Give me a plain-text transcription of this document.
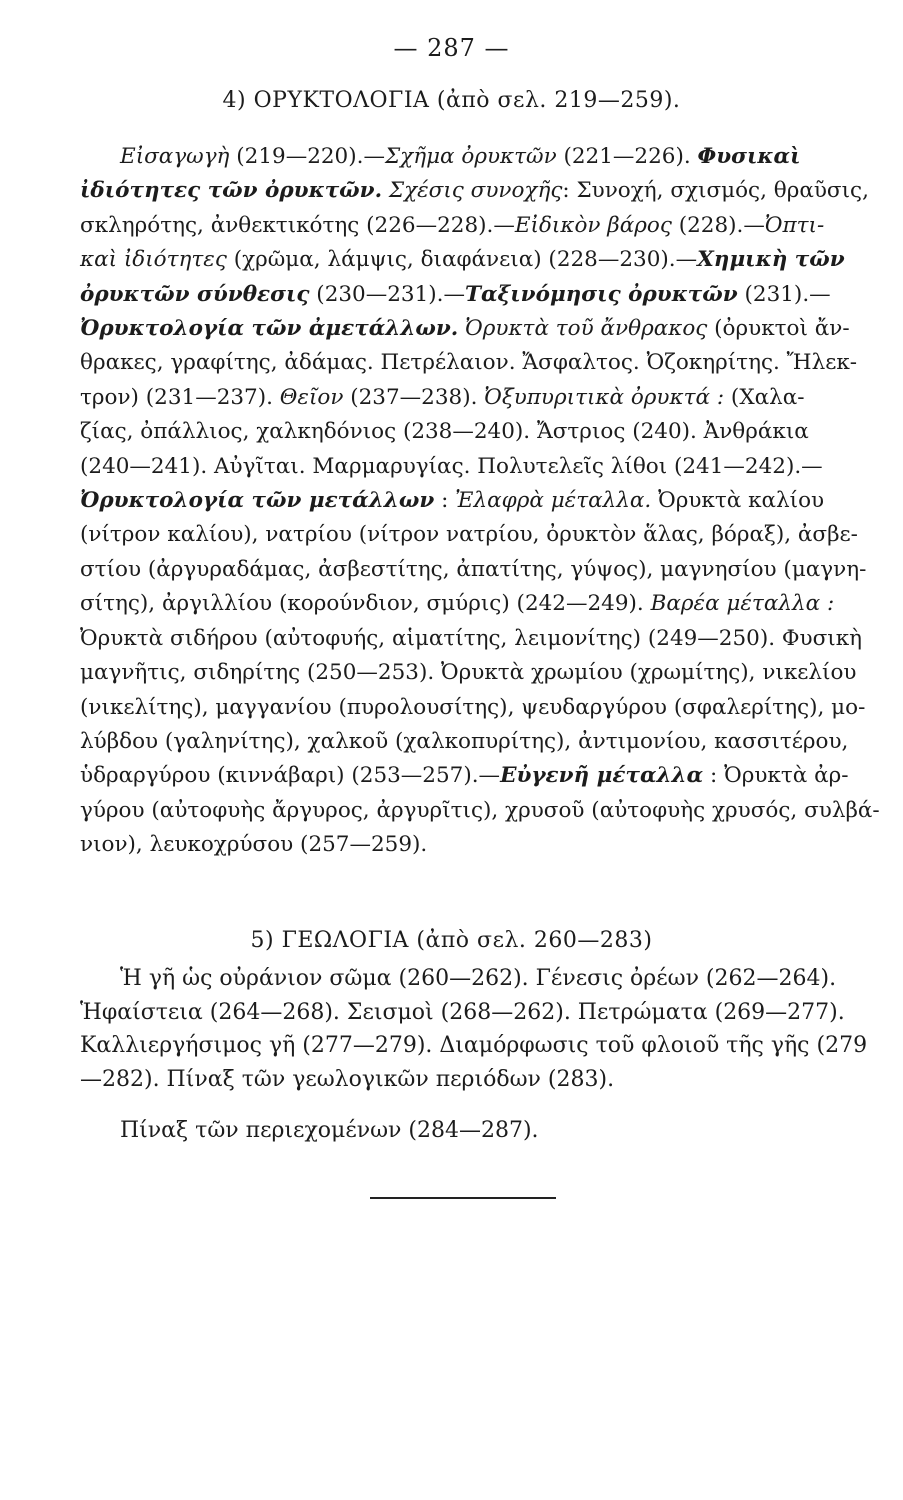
— 287 —
4) ΟΡΥΚΤΟΛΟΓΙΑ (ἀπὸ σελ. 219—259).
Εἰσαγωγὴ (219—220).—Σχῆμα ὀρυκτῶν (221—226). Φυσικαὶ
ἰδιότητες τῶν ὀρυκτῶν. Σχέσις συνοχῆς: Συνοχή, σχισμός, θραῦσις,
σκληρότης, ἀνθεκτικότης (226—228).—Εἰδικὸν βάρος (228).—Ὀπτι-
καὶ ἰδιότητες (χρῶμα, λάμψις, διαφάνεια) (228—230).—Χημικὴ τῶν
ὀρυκτῶν σύνθεσις (230—231).—Ταξινόμησις ὀρυκτῶν (231).—
Ὀρυκτολογία τῶν ἀμετάλλων. Ὀρυκτὰ τοῦ ἄνθρακος (ὀρυκτοὶ ἄν-
θρακες, γραφίτης, ἀδάμας. Πετρέλαιον. Ἄσφαλτος. Ὀζοκηρίτης. Ἤλεκ-
τρον) (231—237). Θεῖον (237—238). Ὀξυπυριτικὰ ὀρυκτά : (Χαλα-
ζίας, ὀπάλλιος, χαλκηδόνιος (238—240). Ἄστριος (240). Ἀνθράκια
(240—241). Αὐγῖται. Μαρμαρυγίας. Πολυτελεῖς λίθοι (241—242).—
Ὀρυκτολογία τῶν μετάλλων : Ἐλαφρὰ μέταλλα. Ὀρυκτὰ καλίου
(νίτρον καλίου), νατρίου (νίτρον νατρίου, ὀρυκτὸν ἅλας, βόραξ), ἀσβε-
στίου (ἀργυραδάμας, ἀσβεστίτης, ἀπατίτης, γύψος), μαγνησίου (μαγνη-
σίτης), ἀργιλλίου (κορούνδιον, σμύρις) (242—249). Βαρέα μέταλλα :
Ὀρυκτὰ σιδήρου (αὐτοφυής, αἱματίτης, λειμονίτης) (249—250). Φυσικὴ
μαγνῆτις, σιδηρίτης (250—253). Ὀρυκτὰ χρωμίου (χρωμίτης), νικελίου
(νικελίτης), μαγγανίου (πυρολουσίτης), ψευδαργύρου (σφαλερίτης), μο-
λύβδου (γαληνίτης), χαλκοῦ (χαλκοπυρίτης), ἀντιμονίου, κασσιτέρου,
ὑδραργύρου (κιννάβαρι) (253—257).—Εὐγενῆ μέταλλα : Ὀρυκτὰ ἀρ-
γύρου (αὐτοφυὴς ἄργυρος, ἀργυρῖτις), χρυσοῦ (αὐτοφυὴς χρυσός, συλβά-
νιον), λευκοχρύσου (257—259).
5) ΓΕΩΛΟΓΙΑ (ἀπὸ σελ. 260—283)
Ἡ γῆ ὡς οὐράνιον σῶμα (260—262). Γένεσις ὀρέων (262—264).
Ἡφαίστεια (264—268). Σεισμοὶ (268—262). Πετρώματα (269—277).
Καλλιεργήσιμος γῆ (277—279). Διαμόρφωσις τοῦ φλοιοῦ τῆς γῆς (279
—282). Πίναξ τῶν γεωλογικῶν περιόδων (283).
Πίναξ τῶν περιεχομένων (284—287).
